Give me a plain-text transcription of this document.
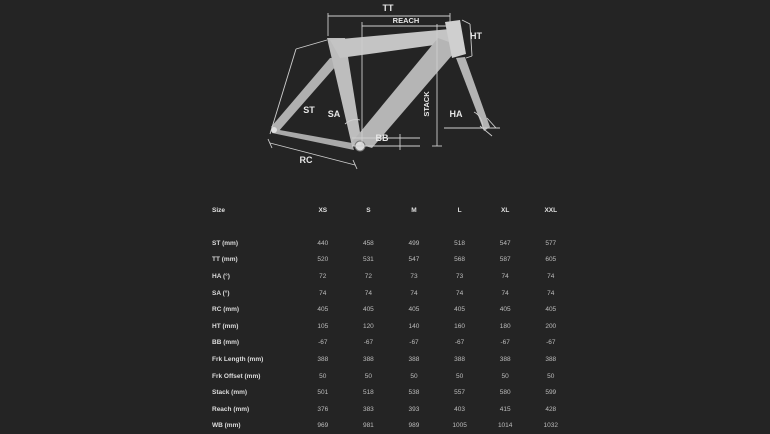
TT
REACH
HT
ST SA	STACK HA
BB
RC
Size	XS	S	M	L	XL	XXL

ST (mm)	440	458	499	518	547	577
TT (mm)	520	531	547	568	587	605
HA (°)	72	72	73	73	74	74
SA (°)	74	74	74	74	74	74
RC (mm)	405	405	405	405	405	405
HT (mm)	105	120	140	160	180	200
BB (mm)	-67	-67	-67	-67	-67	-67
Frk Length (mm)	388	388	388	388	388	388
Frk Offset (mm)	50	50	50	50	50	50
Stack (mm)	501	518	538	557	580	599
Reach (mm)	376	383	393	403	415	428
WB (mm)	969	981	989	1005	1014	1032
